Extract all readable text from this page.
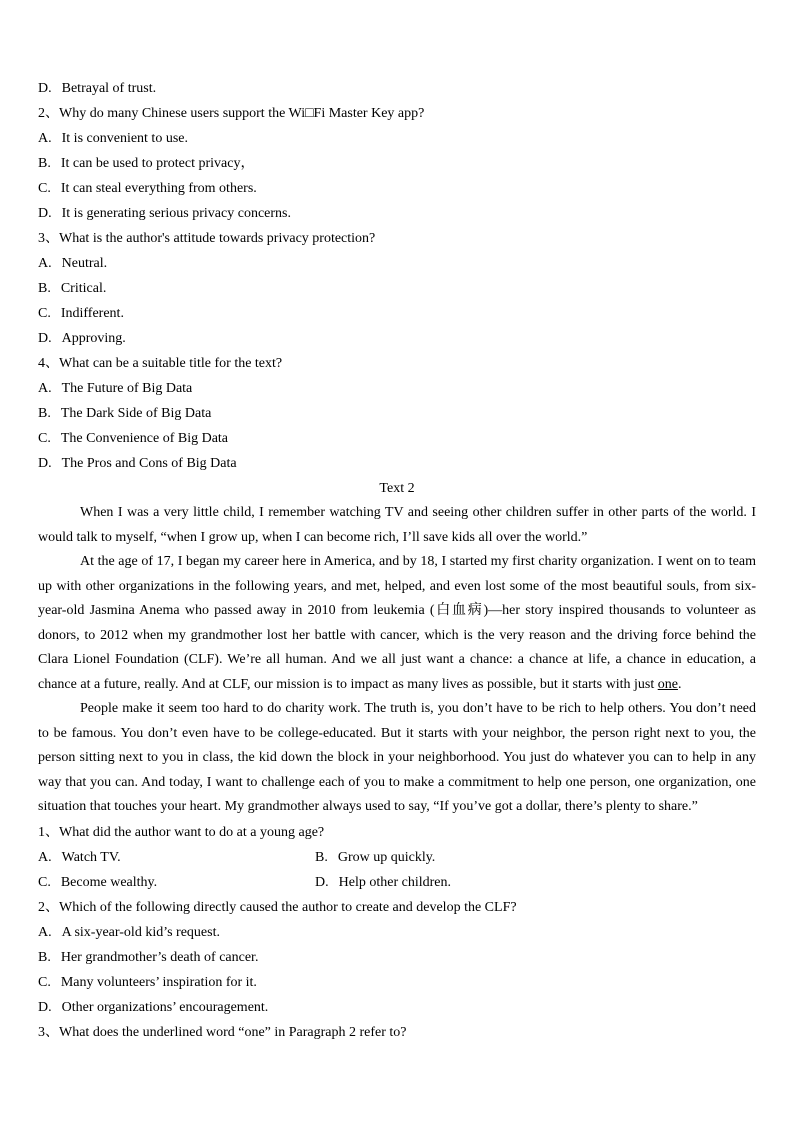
D. Betrayal of trust.
2、Why do many Chinese users support the Wi□Fi Master Key app?
A. It is convenient to use.
B. It can be used to protect privacy，
C. It can steal everything from others.
D. It is generating serious privacy concerns.
3、What is the author's attitude towards privacy protection?
A. Neutral.
B. Critical.
C. Indifferent.
D. Approving.
4、What can be a suitable title for the text?
A. The Future of Big Data
B. The Dark Side of Big Data
C. The Convenience of Big Data
D. The Pros and Cons of Big Data
Text 2

When I was a very little child, I remember watching TV and seeing other children suffer in other parts of the world. I would talk to myself, “when I grow up, when I can become rich, I’ll save kids all over the world.”

At the age of 17, I began my career here in America, and by 18, I started my first charity organization. I went on to team up with other organizations in the following years, and met, helped, and even lost some of the most beautiful souls, from six-year-old Jasmina Anema who passed away in 2010 from leukemia (白血病)—her story inspired thousands to volunteer as donors, to 2012 when my grandmother lost her battle with cancer, which is the very reason and the driving force behind the Clara Lionel Foundation (CLF). We’re all human. And we all just want a chance: a chance at life, a chance in education, a chance at a future, really. And at CLF, our mission is to impact as many lives as possible, but it starts with just one.

People make it seem too hard to do charity work. The truth is, you don’t have to be rich to help others. You don’t need to be famous. You don’t even have to be college-educated. But it starts with your neighbor, the person right next to you, the person sitting next to you in class, the kid down the block in your neighborhood. You just do whatever you can to help in any way that you can. And today, I want to challenge each of you to make a commitment to help one person, one organization, one situation that touches your heart. My grandmother always used to say, “If you’ve got a dollar, there’s plenty to share.”

1、What did the author want to do at a young age?
A. Watch TV.	B. Grow up quickly.
C. Become wealthy.	D. Help other children.
2、Which of the following directly caused the author to create and develop the CLF?
A. A six-year-old kid’s request.
B. Her grandmother’s death of cancer.
C. Many volunteers’ inspiration for it.
D. Other organizations’ encouragement.
3、What does the underlined word “one” in Paragraph 2 refer to?
